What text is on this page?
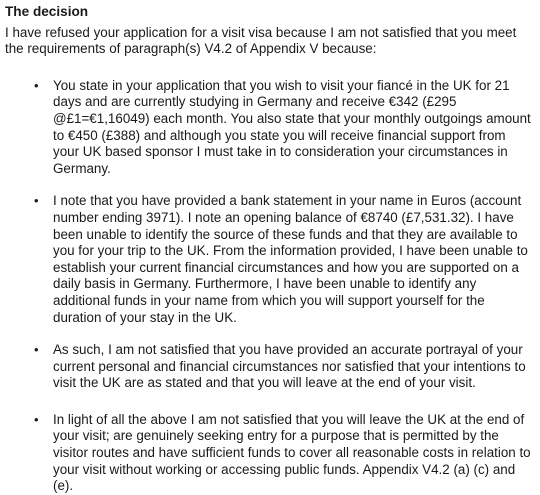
The decision

I have refused your application for a visit visa because I am not satisfied that you meet the requirements of paragraph(s) V4.2 of Appendix V because:

• You state in your application that you wish to visit your fiancé in the UK for 21 days and are currently studying in Germany and receive €342 (£295 @£1=€1,16049) each month. You also state that your monthly outgoings amount to €450 (£388) and although you state you will receive financial support from your UK based sponsor I must take in to consideration your circumstances in Germany.
• I note that you have provided a bank statement in your name in Euros (account number ending 3971). I note an opening balance of €8740 (£7,531.32). I have been unable to identify the source of these funds and that they are available to you for your trip to the UK. From the information provided, I have been unable to establish your current financial circumstances and how you are supported on a daily basis in Germany. Furthermore, I have been unable to identify any additional funds in your name from which you will support yourself for the duration of your stay in the UK.
• As such, I am not satisfied that you have provided an accurate portrayal of your current personal and financial circumstances nor satisfied that your intentions to visit the UK are as stated and that you will leave at the end of your visit.
• In light of all the above I am not satisfied that you will leave the UK at the end of your visit; are genuinely seeking entry for a purpose that is permitted by the visitor routes and have sufficient funds to cover all reasonable costs in relation to your visit without working or accessing public funds. Appendix V4.2 (a) (c) and (e).
